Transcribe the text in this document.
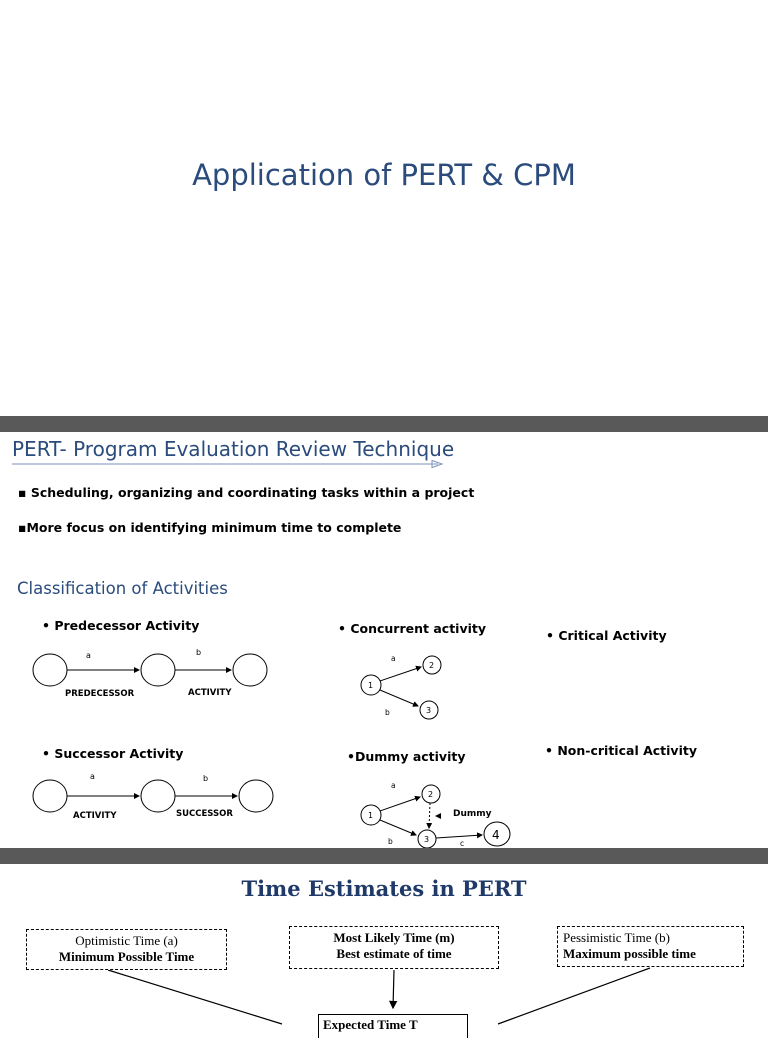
Application of PERT & CPM
PERT- Program Evaluation Review Technique

▪ Scheduling, organizing and coordinating tasks within a project

▪More focus on identifying minimum time to complete

Classification of Activities

• Predecessor Activity

a	b
PREDECESSOR	ACTIVITY

• Concurrent activity

1
2
3
a
b

• Critical Activity

• Successor Activity

a	b
ACTIVITY	SUCCESSOR

•Dummy activity

2
1
3	4
a
b	c
Dummy

• Non-critical Activity

Time Estimates in PERT
Optimistic Time (a)
Minimum Possible Time
Most Likely Time (m)
Best estimate of time
Pessimistic Time (b)
Maximum possible time
Expected Time T
